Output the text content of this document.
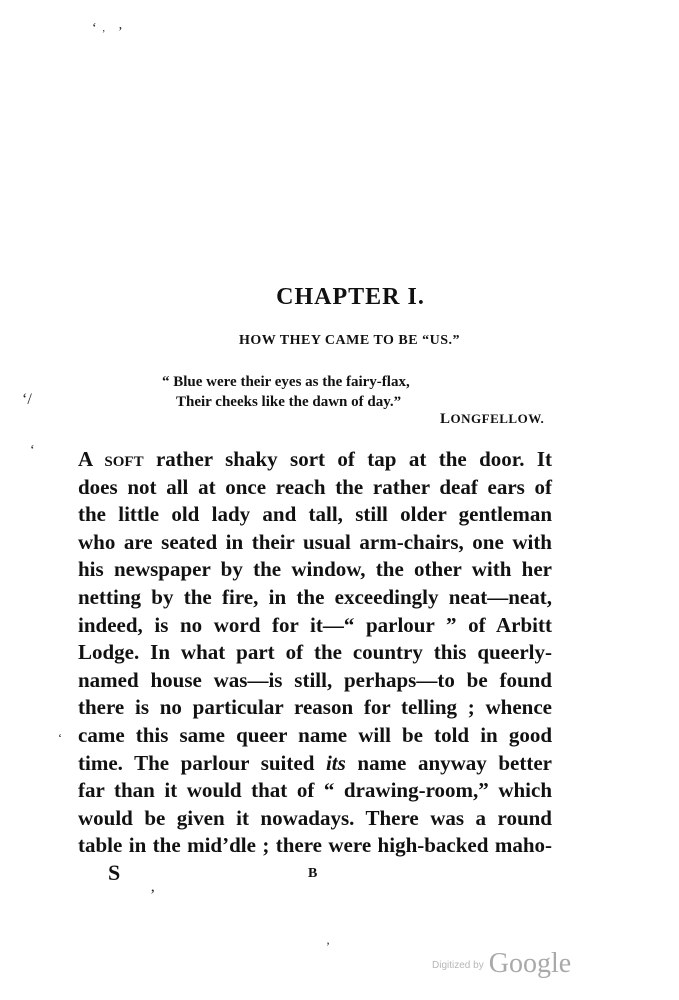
‘ ’ ’
‘/
‘
‘
’
’
CHAPTER I.
HOW THEY CAME TO BE “US.”
“ Blue were their eyes as the fairy-flax,
Their cheeks like the dawn of day.”
LONGFELLOW.
A soft rather shaky sort of tap at the door. It
does not all at once reach the rather deaf ears of
the little old lady and tall, still older gentleman
who are seated in their usual arm-chairs, one with
his newspaper by the window, the other with her
netting by the fire, in the exceedingly neat—neat,
indeed, is no word for it—“ parlour ” of Arbitt
Lodge. In what part of the country this queerly-
named house was—is still, perhaps—to be found
there is no particular reason for telling ; whence
came this same queer name will be told in good
time. The parlour suited its name anyway better
far than it would that of “ drawing-room,” which
would be given it nowadays. There was a round
table in the mid’dle ; there were high-backed maho-
S	B
$^{Digitized by}$ Google
